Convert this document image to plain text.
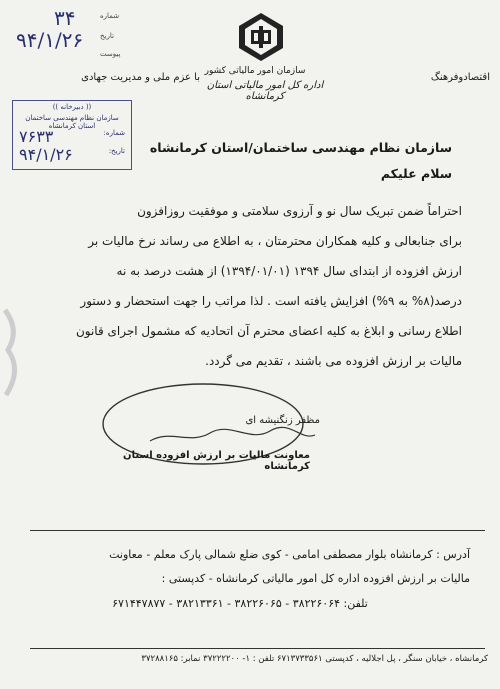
شماره
تاریخ
پیوست
۳۴
۹۴/۱/۲۶
سازمان امور مالیاتی کشور
اداره کل امور مالیاتی استان کرمانشاه
با عزم ملی و مدیریت جهادی	اقتصادوفرهنگ
(( دبیرخانه ))
سازمان نظام مهندسی ساختمان استان کرمانشاه
شماره:
۷۶۳۳
تاریخ:
۹۴/۱/۲۶	سازمان نظام مهندسی ساختمان/استان کرمانشاه
سلام علیکم
احتراماً ضمن تبریک سال نو و آرزوی سلامتی و موفقیت روزافزون
برای جنابعالی و کلیه همکاران محترمتان ، به اطلاع می رساند نرخ مالیات بر
ارزش افزوده از ابتدای سال ۱۳۹۴ (۱۳۹۴/۰۱/۰۱) از هشت درصد به نه
درصد(۸% به ۹%) افزایش یافته است . لذا مراتب را جهت استحضار و دستور
اطلاع رسانی و ابلاغ به کلیه اعضای محترم آن اتحادیه که مشمول اجرای قانون
مالیات بر ارزش افزوده می باشند ، تقدیم می گردد.
مظفر زنگنیشه ای
معاونت مالیات بر ارزش افزوده استان کرمانشاه
آدرس : کرمانشاه بلوار مصطفی امامی - کوی ضلع شمالی پارک معلم - معاونت
مالیات بر ارزش افزوده اداره کل امور مالیاتی کرمانشاه - کدپستی :
۶۷۱۴۴۷۸۷۷ - تلفن: ۳۸۲۲۶۰۶۴ - ۳۸۲۲۶۰۶۵ - ۳۸۲۱۳۳۶۱
کرمانشاه ، خیابان سنگر ، پل اجلالیه ، کدپستی ۶۷۱۳۷۳۳۵۶۱ تلفن : ۱- ۳۷۲۲۲۲۰۰ نمابر: ۳۷۲۸۸۱۶۵
